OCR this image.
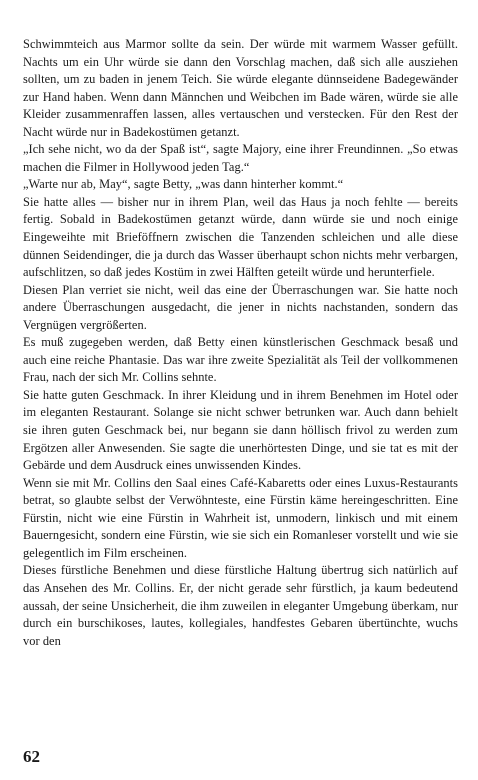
Schwimmteich aus Marmor sollte da sein. Der würde mit warmem Wasser gefüllt. Nachts um ein Uhr würde sie dann den Vorschlag machen, daß sich alle ausziehen sollten, um zu baden in jenem Teich. Sie würde elegante dünnseidene Badegewänder zur Hand haben. Wenn dann Männchen und Weibchen im Bade wären, würde sie alle Kleider zusammenraffen lassen, alles vertauschen und verstecken. Für den Rest der Nacht würde nur in Badekostümen getanzt.

„Ich sehe nicht, wo da der Spaß ist“, sagte Majory, eine ihrer Freundinnen. „So etwas machen die Filmer in Hollywood jeden Tag.“

„Warte nur ab, May“, sagte Betty, „was dann hinterher kommt.“

Sie hatte alles — bisher nur in ihrem Plan, weil das Haus ja noch fehlte — bereits fertig. Sobald in Badekostümen getanzt würde, dann würde sie und noch einige Eingeweihte mit Brieföffnern zwischen die Tanzenden schleichen und alle diese dünnen Seidendinger, die ja durch das Wasser überhaupt schon nichts mehr verbargen, aufschlitzen, so daß jedes Kostüm in zwei Hälften geteilt würde und herunterfiele.

Diesen Plan verriet sie nicht, weil das eine der Überraschungen war. Sie hatte noch andere Überraschungen ausgedacht, die jener in nichts nachstanden, sondern das Vergnügen vergrößerten.

Es muß zugegeben werden, daß Betty einen künstlerischen Geschmack besaß und auch eine reiche Phantasie. Das war ihre zweite Spezialität als Teil der vollkommenen Frau, nach der sich Mr. Collins sehnte.

Sie hatte guten Geschmack. In ihrer Kleidung und in ihrem Benehmen im Hotel oder im eleganten Restaurant. Solange sie nicht schwer betrunken war. Auch dann behielt sie ihren guten Geschmack bei, nur begann sie dann höllisch frivol zu werden zum Ergötzen aller Anwesenden. Sie sagte die unerhörtesten Dinge, und sie tat es mit der Gebärde und dem Ausdruck eines unwissenden Kindes.

Wenn sie mit Mr. Collins den Saal eines Café-Kabaretts oder eines Luxus-Restaurants betrat, so glaubte selbst der Verwöhnteste, eine Fürstin käme hereingeschritten. Eine Fürstin, nicht wie eine Fürstin in Wahrheit ist, unmodern, linkisch und mit einem Bauerngesicht, sondern eine Fürstin, wie sie sich ein Romanleser vorstellt und wie sie gelegentlich im Film erscheinen.

Dieses fürstliche Benehmen und diese fürstliche Haltung übertrug sich natürlich auf das Ansehen des Mr. Collins. Er, der nicht gerade sehr fürstlich, ja kaum bedeutend aussah, der seine Unsicherheit, die ihm zuweilen in eleganter Umgebung überkam, nur durch ein burschikoses, lautes, kollegiales, handfestes Gebaren übertünchte, wuchs vor den

62
